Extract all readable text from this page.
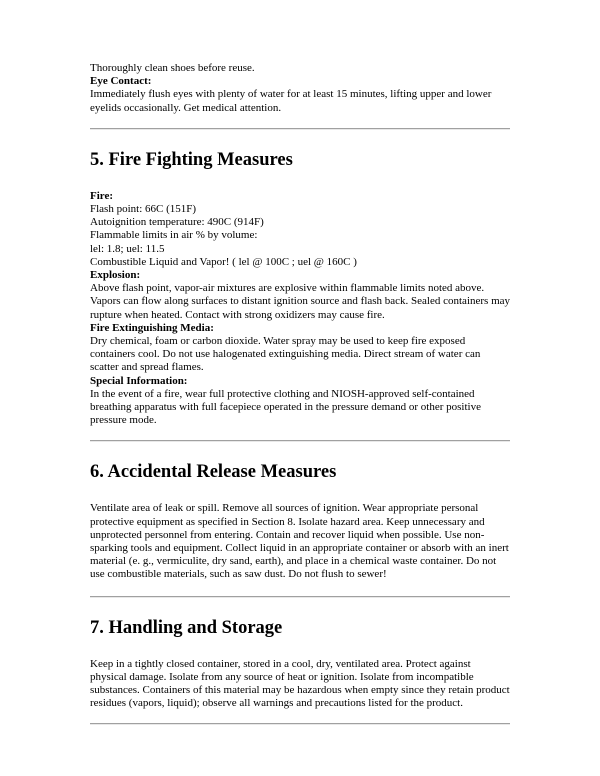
Thoroughly clean shoes before reuse.
Eye Contact:
Immediately flush eyes with plenty of water for at least 15 minutes, lifting upper and lower eyelids occasionally. Get medical attention.
5. Fire Fighting Measures
Fire:
Flash point: 66C (151F)
Autoignition temperature: 490C (914F)
Flammable limits in air % by volume:
lel: 1.8; uel: 11.5
Combustible Liquid and Vapor! ( lel @ 100C ; uel @ 160C )
Explosion:
Above flash point, vapor-air mixtures are explosive within flammable limits noted above. Vapors can flow along surfaces to distant ignition source and flash back. Sealed containers may rupture when heated. Contact with strong oxidizers may cause fire.
Fire Extinguishing Media:
Dry chemical, foam or carbon dioxide. Water spray may be used to keep fire exposed containers cool. Do not use halogenated extinguishing media. Direct stream of water can scatter and spread flames.
Special Information:
In the event of a fire, wear full protective clothing and NIOSH-approved self-contained breathing apparatus with full facepiece operated in the pressure demand or other positive pressure mode.
6. Accidental Release Measures
Ventilate area of leak or spill. Remove all sources of ignition. Wear appropriate personal protective equipment as specified in Section 8. Isolate hazard area. Keep unnecessary and unprotected personnel from entering. Contain and recover liquid when possible. Use non-sparking tools and equipment. Collect liquid in an appropriate container or absorb with an inert material (e. g., vermiculite, dry sand, earth), and place in a chemical waste container. Do not use combustible materials, such as saw dust. Do not flush to sewer!
7. Handling and Storage
Keep in a tightly closed container, stored in a cool, dry, ventilated area. Protect against physical damage. Isolate from any source of heat or ignition. Isolate from incompatible substances. Containers of this material may be hazardous when empty since they retain product residues (vapors, liquid); observe all warnings and precautions listed for the product.
